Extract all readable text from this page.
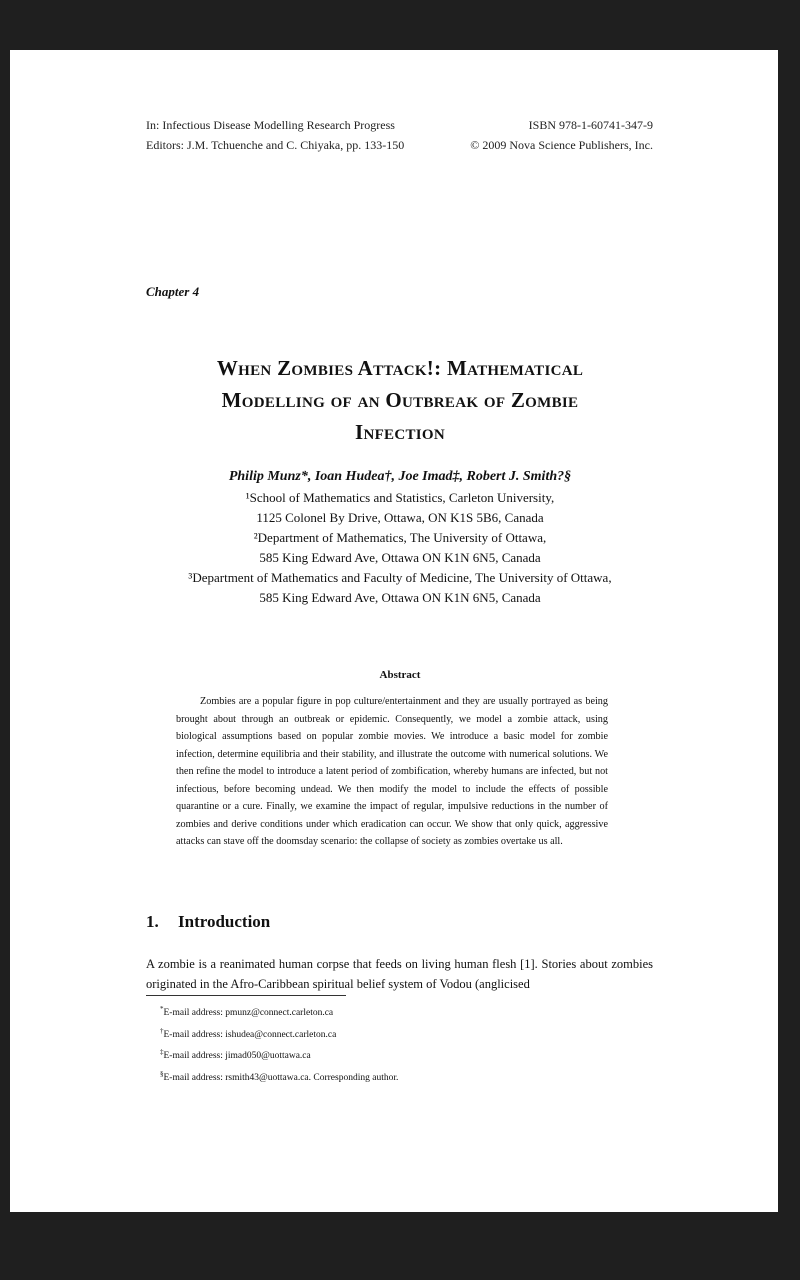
In: Infectious Disease Modelling Research Progress	ISBN 978-1-60741-347-9
Editors: J.M. Tchuenche and C. Chiyaka, pp. 133-150	© 2009 Nova Science Publishers, Inc.
Chapter 4
When Zombies Attack!: Mathematical
Modelling of an Outbreak of Zombie
Infection
Philip Munz*, Ioan Hudea†, Joe Imad‡, Robert J. Smith?§
¹School of Mathematics and Statistics, Carleton University,
1125 Colonel By Drive, Ottawa, ON K1S 5B6, Canada
²Department of Mathematics, The University of Ottawa,
585 King Edward Ave, Ottawa ON K1N 6N5, Canada
³Department of Mathematics and Faculty of Medicine, The University of Ottawa,
585 King Edward Ave, Ottawa ON K1N 6N5, Canada
Abstract
Zombies are a popular figure in pop culture/entertainment and they are usually portrayed as being brought about through an outbreak or epidemic. Consequently, we model a zombie attack, using biological assumptions based on popular zombie movies. We introduce a basic model for zombie infection, determine equilibria and their stability, and illustrate the outcome with numerical solutions. We then refine the model to introduce a latent period of zombification, whereby humans are infected, but not infectious, before becoming undead. We then modify the model to include the effects of possible quarantine or a cure. Finally, we examine the impact of regular, impulsive reductions in the number of zombies and derive conditions under which eradication can occur. We show that only quick, aggressive attacks can stave off the doomsday scenario: the collapse of society as zombies overtake us all.
1. Introduction
A zombie is a reanimated human corpse that feeds on living human flesh [1]. Stories about zombies originated in the Afro-Caribbean spiritual belief system of Vodou (anglicised
*E-mail address: pmunz@connect.carleton.ca
†E-mail address: ishudea@connect.carleton.ca
‡E-mail address: jimad050@uottawa.ca
§E-mail address: rsmith43@uottawa.ca. Corresponding author.
